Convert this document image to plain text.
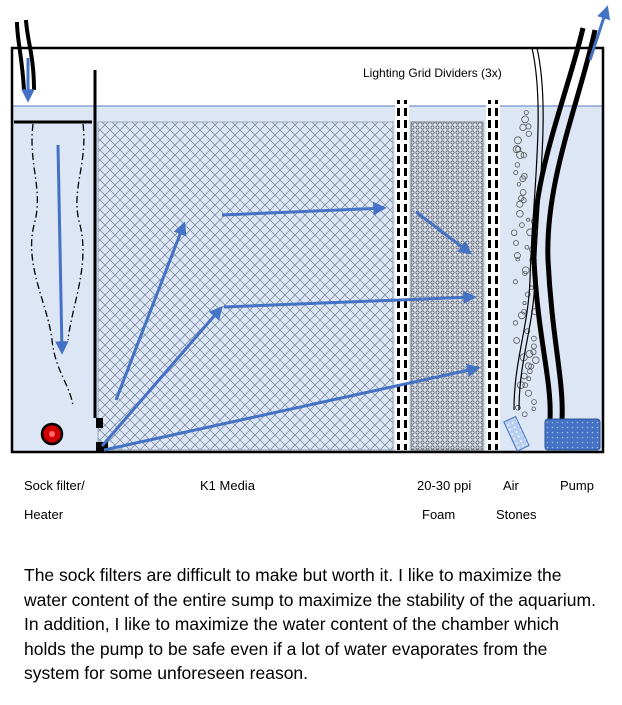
Lighting Grid Dividers (3x)
Sock filter/
Heater
K1 Media	20-30 ppi
Foam
Air
Stones
Pump

The sock filters are difficult to make but worth it. I like to maximize the water content of the entire sump to maximize the stability of the aquarium. In addition, I like to maximize the water content of the chamber which holds the pump to be safe even if a lot of water evaporates from the system for some unforeseen reason.
